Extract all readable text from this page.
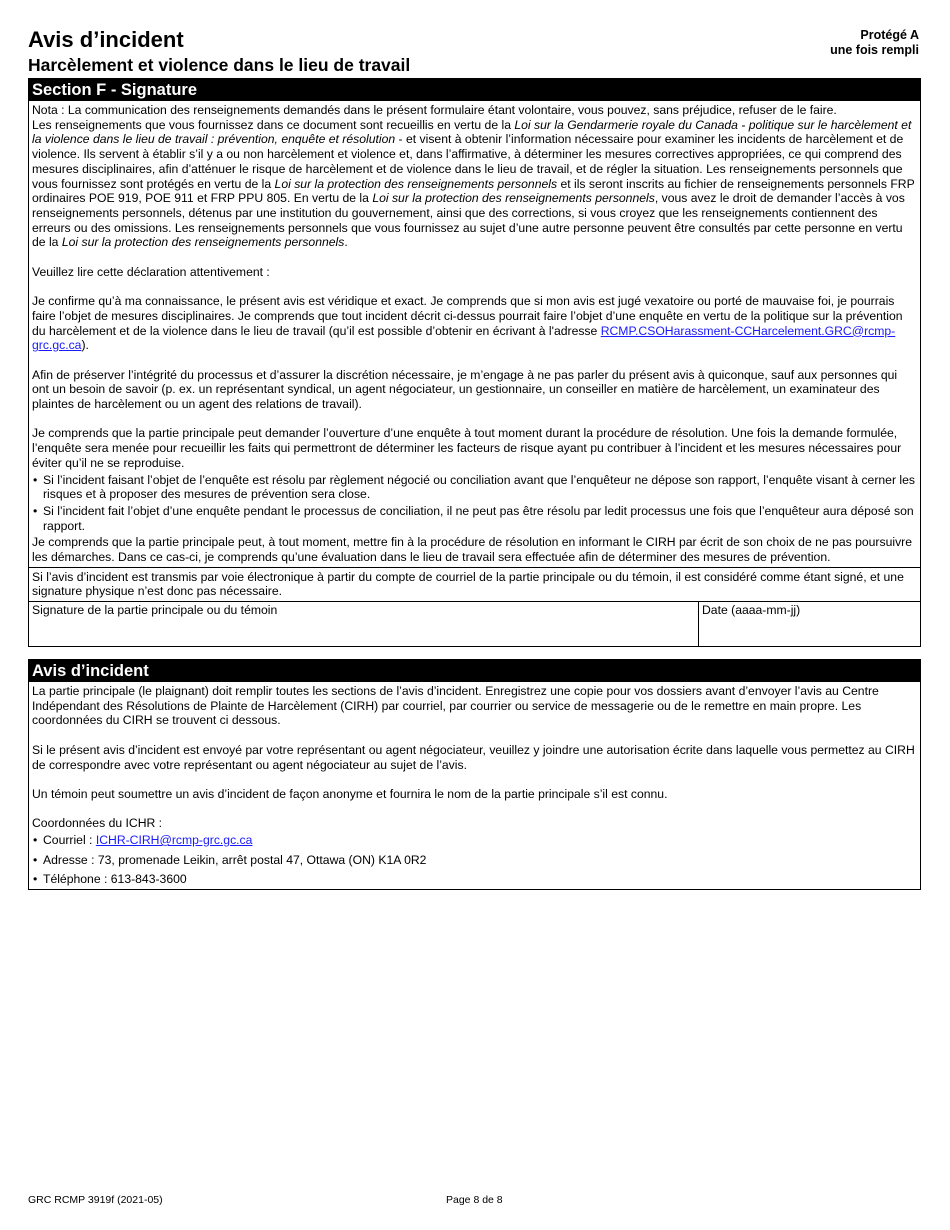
Avis d’incident
Harcèlement et violence dans le lieu de travail
Protégé A
une fois rempli
Section F - Signature

Nota : La communication des renseignements demandés dans le présent formulaire étant volontaire, vous pouvez, sans préjudice, refuser de le faire.

Les renseignements que vous fournissez dans ce document sont recueillis en vertu de la Loi sur la Gendarmerie royale du Canada - politique sur le harcèlement et la violence dans le lieu de travail : prévention, enquête et résolution - et visent à obtenir l’information nécessaire pour examiner les incidents de harcèlement et de violence. Ils servent à établir s’il y a ou non harcèlement et violence et, dans l’affirmative, à déterminer les mesures correctives appropriées, ce qui comprend des mesures disciplinaires, afin d’atténuer le risque de harcèlement et de violence dans le lieu de travail, et de régler la situation. Les renseignements personnels que vous fournissez sont protégés en vertu de la Loi sur la protection des renseignements personnels et ils seront inscrits au fichier de renseignements personnels FRP ordinaires POE 919, POE 911 et FRP PPU 805. En vertu de la Loi sur la protection des renseignements personnels, vous avez le droit de demander l’accès à vos renseignements personnels, détenus par une institution du gouvernement, ainsi que des corrections, si vous croyez que les renseignements contiennent des erreurs ou des omissions. Les renseignements personnels que vous fournissez au sujet d’une autre personne peuvent être consultés par cette personne en vertu de la Loi sur la protection des renseignements personnels.

Veuillez lire cette déclaration attentivement :

Je confirme qu’à ma connaissance, le présent avis est véridique et exact. Je comprends que si mon avis est jugé vexatoire ou porté de mauvaise foi, je pourrais faire l’objet de mesures disciplinaires. Je comprends que tout incident décrit ci-dessus pourrait faire l’objet d’une enquête en vertu de la politique sur la prévention du harcèlement et de la violence dans le lieu de travail (qu’il est possible d’obtenir en écrivant à l'adresse RCMP.CSOHarassment-CCHarcelement.GRC@rcmp-grc.gc.ca).

Afin de préserver l’intégrité du processus et d’assurer la discrétion nécessaire, je m’engage à ne pas parler du présent avis à quiconque, sauf aux personnes qui ont un besoin de savoir (p. ex. un représentant syndical, un agent négociateur, un gestionnaire, un conseiller en matière de harcèlement, un examinateur des plaintes de harcèlement ou un agent des relations de travail).

Je comprends que la partie principale peut demander l’ouverture d’une enquête à tout moment durant la procédure de résolution. Une fois la demande formulée, l’enquête sera menée pour recueillir les faits qui permettront de déterminer les facteurs de risque ayant pu contribuer à l’incident et les mesures nécessaires pour éviter qu’il ne se reproduise.

• Si l’incident faisant l’objet de l’enquête est résolu par règlement négocié ou conciliation avant que l’enquêteur ne dépose son rapport, l’enquête visant à cerner les risques et à proposer des mesures de prévention sera close.
• Si l’incident fait l’objet d’une enquête pendant le processus de conciliation, il ne peut pas être résolu par ledit processus une fois que l’enquêteur aura déposé son rapport.

Je comprends que la partie principale peut, à tout moment, mettre fin à la procédure de résolution en informant le CIRH par écrit de son choix de ne pas poursuivre les démarches. Dans ce cas-ci, je comprends qu’une évaluation dans le lieu de travail sera effectuée afin de déterminer des mesures de prévention.

Si l’avis d’incident est transmis par voie électronique à partir du compte de courriel de la partie principale ou du témoin, il est considéré comme étant signé, et une signature physique n’est donc pas nécessaire.
Signature de la partie principale ou du témoin	Date (aaaa-mm-jj)
Avis d’incident

La partie principale (le plaignant) doit remplir toutes les sections de l’avis d’incident. Enregistrez une copie pour vos dossiers avant d’envoyer l’avis au Centre Indépendant des Résolutions de Plainte de Harcèlement (CIRH) par courriel, par courrier ou service de messagerie ou de le remettre en main propre. Les coordonnées du CIRH se trouvent ci dessous.

Si le présent avis d’incident est envoyé par votre représentant ou agent négociateur, veuillez y joindre une autorisation écrite dans laquelle vous permettez au CIRH de correspondre avec votre représentant ou agent négociateur au sujet de l’avis.

Un témoin peut soumettre un avis d’incident de façon anonyme et fournira le nom de la partie principale s’il est connu.

Coordonnées du ICHR :

• Courriel : ICHR-CIRH@rcmp-grc.gc.ca
• Adresse : 73, promenade Leikin, arrêt postal 47, Ottawa (ON) K1A 0R2
• Téléphone : 613-843-3600
GRC RCMP 3919f (2021-05)	Page 8 de 8
